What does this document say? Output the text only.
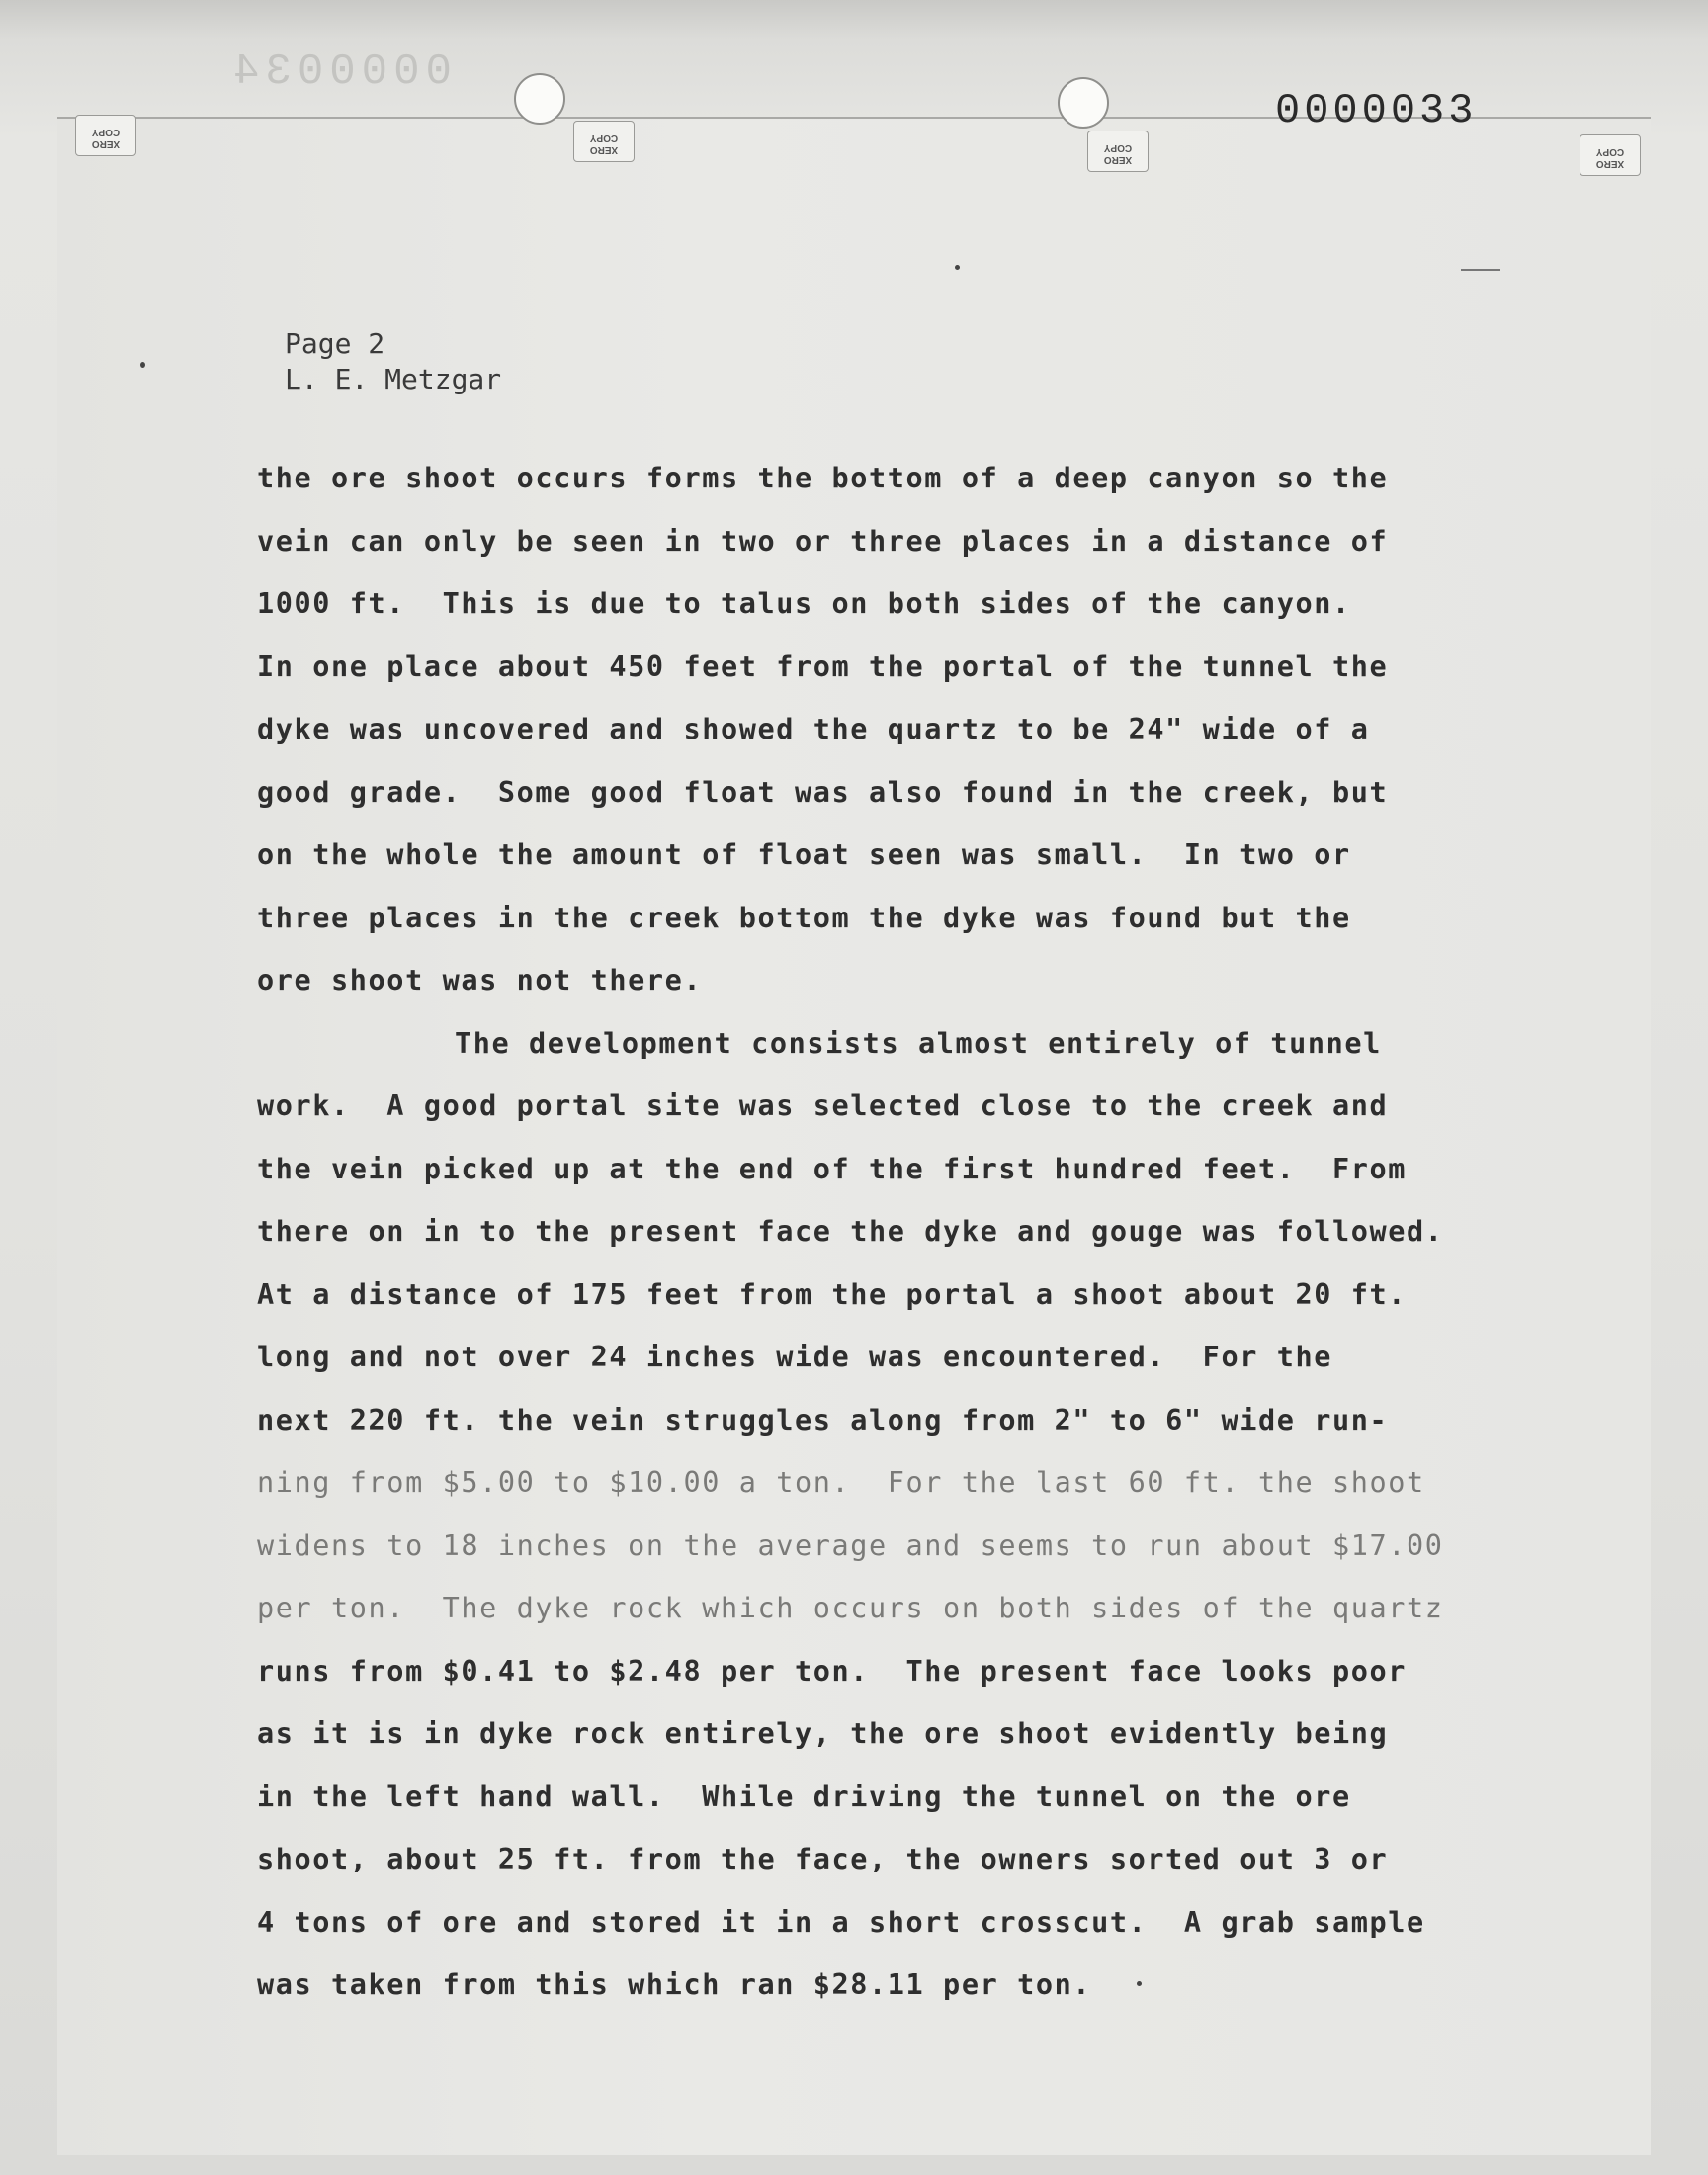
0000034
0000033
XERO
COPY
XERO
COPY
XERO
COPY
XERO
COPY
Page 2
L. E. Metzgar
the ore shoot occurs forms the bottom of a deep canyon so the
vein can only be seen in two or three places in a distance of
1000 ft.  This is due to talus on both sides of the canyon.
In one place about 450 feet from the portal of the tunnel the
dyke was uncovered and showed the quartz to be 24" wide of a
good grade.  Some good float was also found in the creek, but
on the whole the amount of float seen was small.  In two or
three places in the creek bottom the dyke was found but the
ore shoot was not there.
The development consists almost entirely of tunnel
work.  A good portal site was selected close to the creek and
the vein picked up at the end of the first hundred feet.  From
there on in to the present face the dyke and gouge was followed.
At a distance of 175 feet from the portal a shoot about 20 ft.
long and not over 24 inches wide was encountered.  For the
next 220 ft. the vein struggles along from 2" to 6" wide run-
ning from $5.00 to $10.00 a ton.  For the last 60 ft. the shoot
widens to 18 inches on the average and seems to run about $17.00
per ton.  The dyke rock which occurs on both sides of the quartz
runs from $0.41 to $2.48 per ton.  The present face looks poor
as it is in dyke rock entirely, the ore shoot evidently being
in the left hand wall.  While driving the tunnel on the ore
shoot, about 25 ft. from the face, the owners sorted out 3 or
4 tons of ore and stored it in a short crosscut.  A grab sample
was taken from this which ran $28.11 per ton.
